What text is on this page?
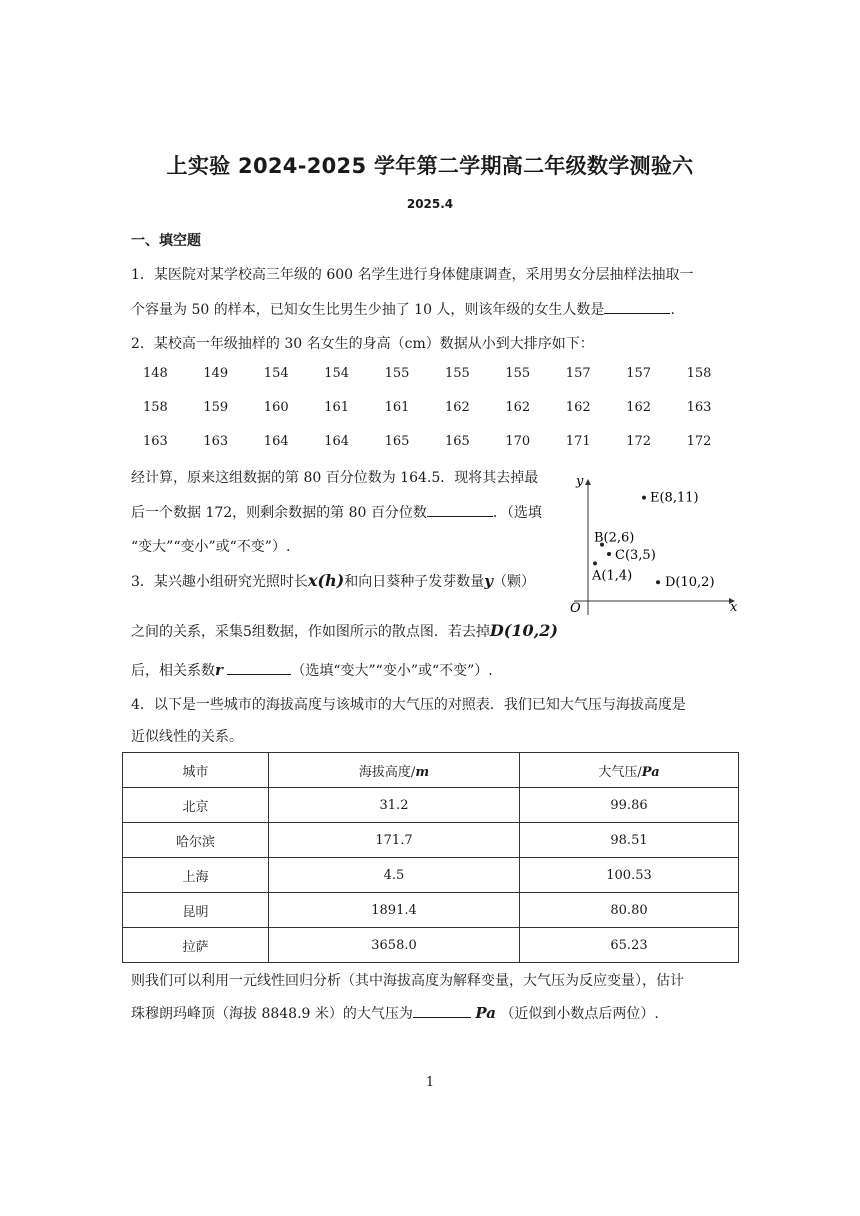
上实验 2024-2025 学年第二学期高二年级数学测验六
2025.4
一、填空题
1．某医院对某学校高三年级的 600 名学生进行身体健康调查，采用男女分层抽样法抽取一
个容量为 50 的样本，已知女生比男生少抽了 10 人，则该年级的女生人数是	.
2．某校高一年级抽样的 30 名女生的身高（cm）数据从小到大排序如下：
148	149	154	154	155	155	155	157	157	158
158	159	160	161	161	162	162	162	162	163
163	163	164	164	165	165	170	171	172	172
经计算，原来这组数据的第 80 百分位数为 164.5．现将其去掉最
后一个数据 172，则剩余数据的第 80 百分位数	．（选填
“变大”“变小”或“不变”）.
3．某兴趣小组研究光照时长x(h)和向日葵种子发芽数量y（颗）
之间的关系，采集5组数据，作如图所示的散点图．若去掉D(10,2)
后，相关系数r	（选填“变大”“变小”或“不变”）.
x
y
O
A(1,4)
B(2,6)
C(3,5)
D(10,2)
E(8,11)
4．以下是一些城市的海拔高度与该城市的大气压的对照表．我们已知大气压与海拔高度是
近似线性的关系。
城市	海拔高度/m	大气压/Pa
北京	31.2	99.86
哈尔滨	171.7	98.51
上海	4.5	100.53
昆明	1891.4	80.80
拉萨	3658.0	65.23
则我们可以利用一元线性回归分析（其中海拔高度为解释变量，大气压为反应变量），估计
珠穆朗玛峰顶（海拔 8848.9 米）的大气压为	Pa （近似到小数点后两位）.
1
